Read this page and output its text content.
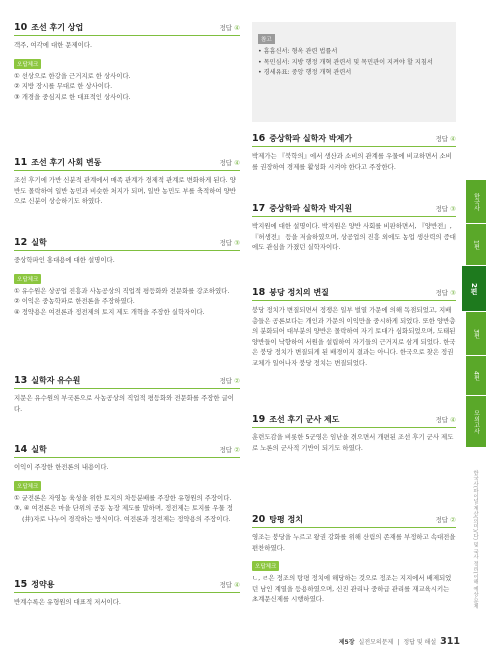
10 조선 후기 상업	정답 ④
객주, 여각에 대한 문제이다.
오답체크
① 선상으로 한강을 근거지로 한 상사이다.
② 지방 장시를 무대로 한 상사이다.
③ 개경을 중심지로 한 대표적인 상사이다.
11 조선 후기 사회 변동	정답 ④
조선 후기에 가반 신분적 관계에서 매족 관계가 경제적 관계로 변화하게 된다. 양반도 몰락하여 일반 농민과 비슷한 처지가 되며, 일반 농민도 부를 축적하여 양반으로 신분이 상승하기도 하였다.
12 실학	정답 ③
중상학파인 홍대용에 대한 설명이다.
오답체크
① 유수원은 상공업 진흥과 사농공상의 직업적 평등화와 전문화를 강조하였다.
② 이익은 중농학파로 한전론을 주장하였다.
④ 정약용은 여전론과 정전제의 토지 제도 개혁을 주장한 실학자이다.
13 실학자 유수원	정답 ②
지문은 유수원의 부국론으로 사농공상의 직업적 평등화와 전문화를 주장한 글이다.
14 실학	정답 ②
이익이 주장한 한전론의 내용이다.
오답체크
① 균전론은 자영농 육성을 위한 토지의 차등분배를 주장한 유형원의 주장이다.
③, ④ 여전론은 마을 단위의 공동 농장 제도를 말하며, 정전제는 토지를 우물 정(井)자로 나누어 경작하는 방식이다. 여전론과 정전제는 정약용의 주장이다.
15 정약용	정답 ④
반계수록은 유형원의 대표적 저서이다.
참고
• 흠흠신서: 형옥 관련 법률서
• 목민심서: 지방 행정 개혁 관련서 및 목민관이 지켜야 할 지침서
• 경세유표: 중앙 행정 개혁 관련서
16 중상학파 실학자 박제가	정답 ④
박제가는 『북학의』에서 생산과 소비의 관계를 우물에 비교하면서 소비를 권장하여 경제를 활성화 시켜야 한다고 주장한다.
17 중상학파 실학자 박지원	정답 ③
박지원에 대한 설명이다. 박지원은 양반 사회를 비판하면서, 『양반전』, 『허생전』 등을 저술하였으며, 상공업의 진흥 외에도 농업 생산력의 증대에도 관심을 가졌던 실학자이다.
18 붕당 정치의 변질	정답 ③
붕당 정치가 변질되면서 정쟁은 일부 벌열 가문에 의해 독점되었고, 지배층들은 공론보다는 개인과 가문의 이익만을 중시하게 되었다. 또한 양반층의 분화되어 대부분의 양반은 몰락하여 자기 토대가 심화되었으며, 도태된 양반들이 낙향하여 서원을 설립하여 자기들의 근거지로 삼게 되었다. 한국은 붕당 정치가 변질되게 된 배경이지 결과는 아니다. 한국으로 찾은 정권 교체가 일어나자 붕당 정치는 변질되었다.
19 조선 후기 군사 제도	정답 ④
훈련도감을 비롯한 5군영은 임난을 겪으면서 개편된 조선 후기 군사 제도로 노론의 군사적 기반이 되기도 하였다.
20 탕평 정치	정답 ②
영조는 붕당을 누르고 왕권 강화를 위해 산림의 존재를 부정하고 속대전을 편찬하였다.
오답체크
ㄴ, ㄹ은 정조의 탕평 정치에 해당하는 것으로 정조는 지지에서 배제되었던 남인 계열을 등용하였으며, 신진 관리나 중하급 관리를 재교육시키는 초계문신제를 시행하였다.
한국사
1편
2편
3편
4편
모의고사
한국사(파이널·계산(의미)/다) 및 국사 정리(이해 예상·문제
제5장 실전모의문제 | 정답 및 해설 311
